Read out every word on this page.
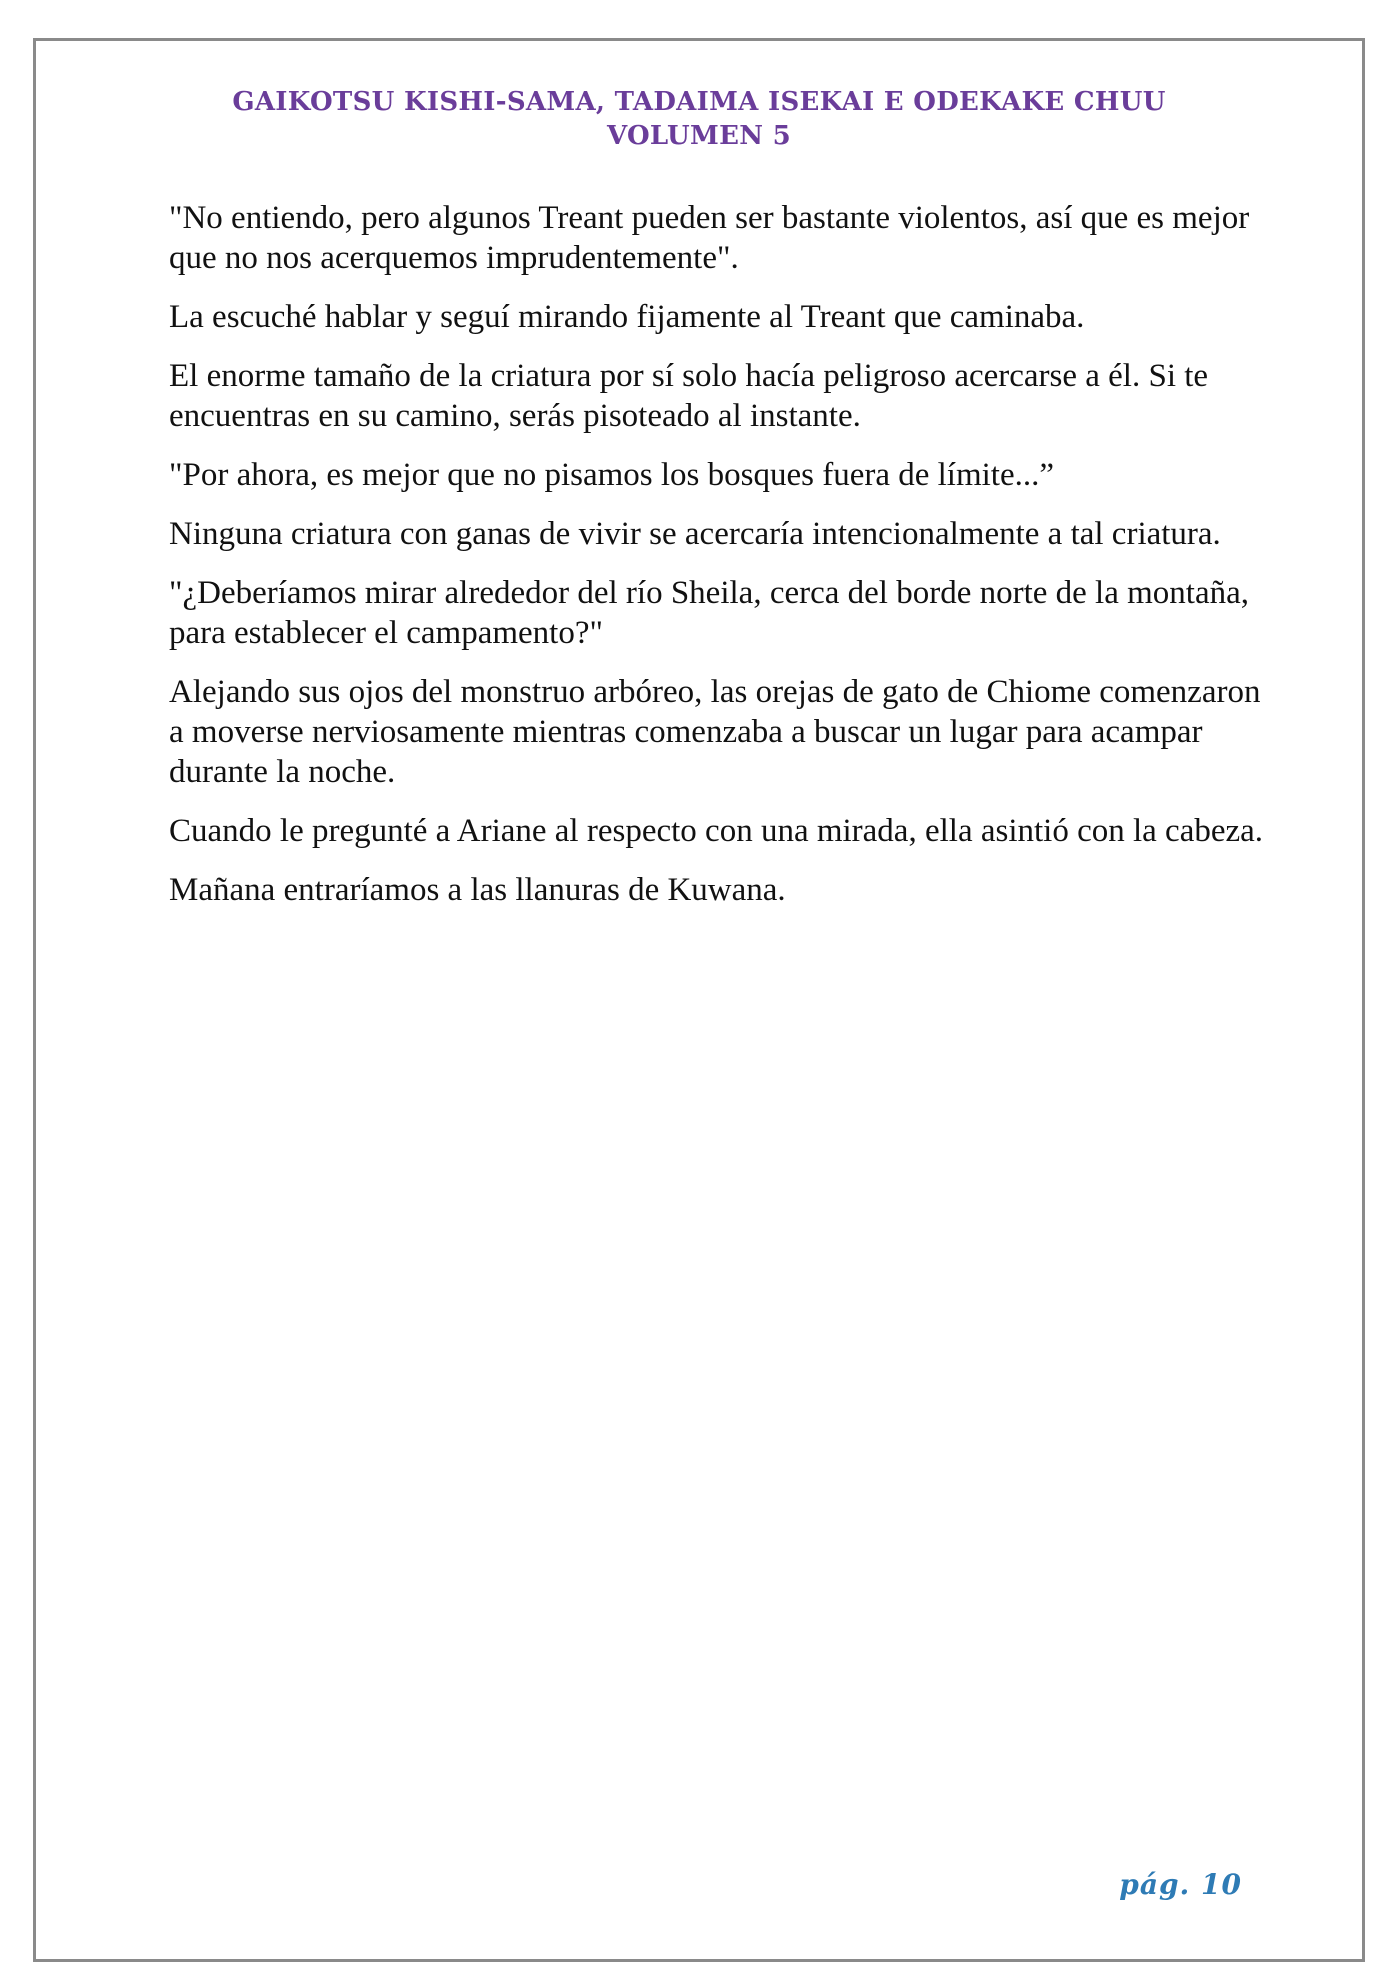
GAIKOTSU KISHI-SAMA, TADAIMA ISEKAI E ODEKAKE CHUU
VOLUMEN 5

"No entiendo, pero algunos Treant pueden ser bastante violentos, así que es mejor que no nos acerquemos imprudentemente".

La escuché hablar y seguí mirando fijamente al Treant que caminaba.

El enorme tamaño de la criatura por sí solo hacía peligroso acercarse a él. Si te encuentras en su camino, serás pisoteado al instante.

"Por ahora, es mejor que no pisamos los bosques fuera de límite...”

Ninguna criatura con ganas de vivir se acercaría intencionalmente a tal criatura.

"¿Deberíamos mirar alrededor del río Sheila, cerca del borde norte de la montaña, para establecer el campamento?"

Alejando sus ojos del monstruo arbóreo, las orejas de gato de Chiome comenzaron a moverse nerviosamente mientras comenzaba a buscar un lugar para acampar durante la noche.

Cuando le pregunté a Ariane al respecto con una mirada, ella asintió con la cabeza.

Mañana entraríamos a las llanuras de Kuwana.

pág. 10
